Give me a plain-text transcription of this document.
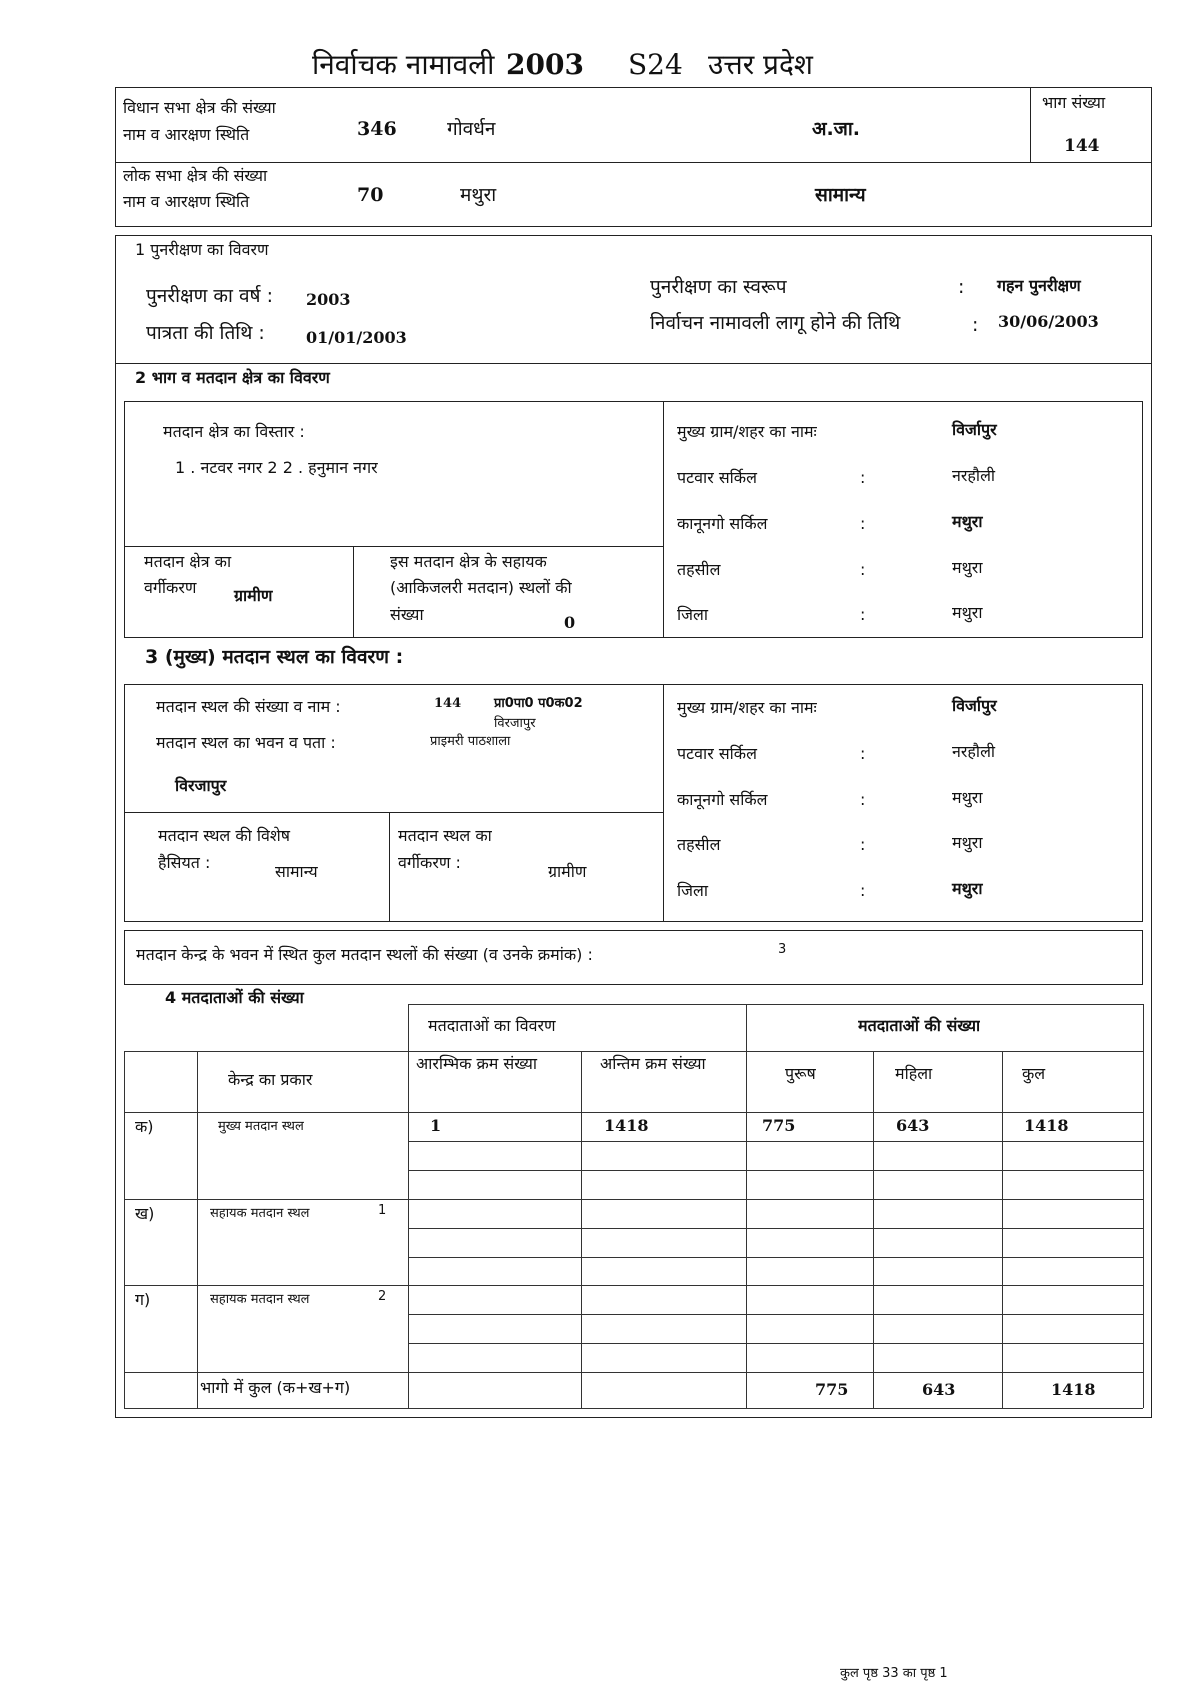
निर्वाचक नामावली 2003 S24 उत्तर प्रदेश
विधान सभा क्षेत्र की संख्या
नाम व आरक्षण स्थिति	346	गोवर्धन	अ.जा.
भाग संख्या
144
लोक सभा क्षेत्र की संख्या
नाम व आरक्षण स्थिति	70	मथुरा	सामान्य
1 पुनरीक्षण का विवरण
पुनरीक्षण का वर्ष : 2003
पात्रता की तिथि :	01/01/2003
पुनरीक्षण का स्वरूप	: गहन पुनरीक्षण
निर्वाचन नामावली लागू होने की तिथि	: 30/06/2003
2 भाग व मतदान क्षेत्र का विवरण
मतदान क्षेत्र का विस्तार :
1 . नटवर नगर 2 2 . हनुमान नगर
मतदान क्षेत्र का
वर्गीकरण ग्रामीण
इस मतदान क्षेत्र के सहायक
(आकिजलरी मतदान) स्थलों की
संख्या	0
मुख्य ग्राम/शहर का नामः	विर्जापुर
पटवार सर्किल	:	नरहौली
कानूनगो सर्किल	:	मथुरा
तहसील	:	मथुरा
जिला	:	मथुरा
3 (मुख्य) मतदान स्थल का विवरण :
मतदान स्थल की संख्या व नाम :	144	प्रा0पा0 प0क02
विरजापुर
मतदान स्थल का भवन व पता :	प्राइमरी पाठशाला
विरजापुर
मतदान स्थल की विशेष
हैसियत :	सामान्य
मतदान स्थल का
वर्गीकरण :	ग्रामीण
मुख्य ग्राम/शहर का नामः	विर्जापुर
पटवार सर्किल	:	नरहौली
कानूनगो सर्किल	:	मथुरा
तहसील	:	मथुरा
जिला	:	मथुरा
मतदान केन्द्र के भवन में स्थित कुल मतदान स्थलों की संख्या (व उनके क्रमांक) :	3
4 मतदाताओं की संख्या
मतदाताओं का विवरण	मतदाताओं की संख्या
केन्द्र का प्रकार
आरम्भिक क्रम संख्या	अन्तिम क्रम संख्या
पुरूष	महिला	कुल
क)	मुख्य मतदान स्थल	1	1418	775	643	1418
ख)	सहायक मतदान स्थल	1
ग)	सहायक मतदान स्थल	2
भागो में कुल (क+ख+ग)	775	643	1418
कुल पृष्ठ 33 का पृष्ठ 1
